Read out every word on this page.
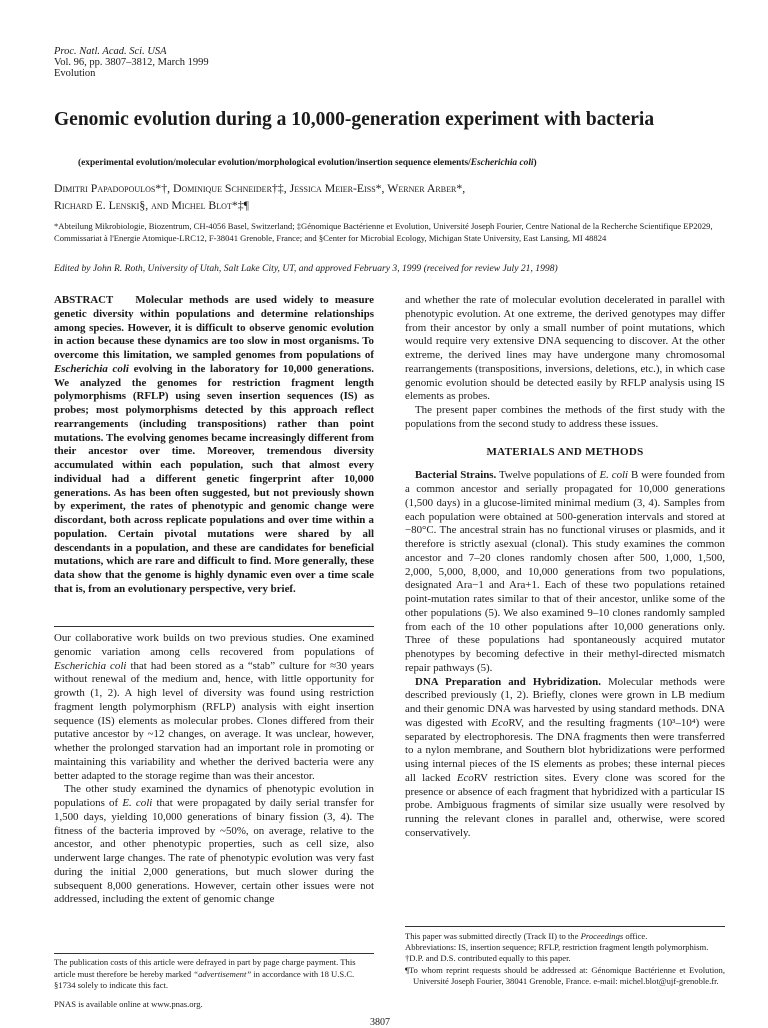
Proc. Natl. Acad. Sci. USA
Vol. 96, pp. 3807–3812, March 1999
Evolution
Genomic evolution during a 10,000-generation experiment with bacteria
(experimental evolution/molecular evolution/morphological evolution/insertion sequence elements/Escherichia coli)
Dimitri Papadopoulos*†, Dominique Schneider†‡, Jessica Meier-Eiss*, Werner Arber*,
Richard E. Lenski§, and Michel Blot*‡¶
*Abteilung Mikrobiologie, Biozentrum, CH-4056 Basel, Switzerland; ‡Génomique Bactérienne et Evolution, Université Joseph Fourier, Centre National de la Recherche Scientifique EP2029, Commissariat à l'Energie Atomique-LRC12, F-38041 Grenoble, France; and §Center for Microbial Ecology, Michigan State University, East Lansing, MI 48824
Edited by John R. Roth, University of Utah, Salt Lake City, UT, and approved February 3, 1999 (received for review July 21, 1998)

ABSTRACT Molecular methods are used widely to measure genetic diversity within populations and determine relationships among species. However, it is difficult to observe genomic evolution in action because these dynamics are too slow in most organisms. To overcome this limitation, we sampled genomes from populations of Escherichia coli evolving in the laboratory for 10,000 generations. We analyzed the genomes for restriction fragment length polymorphisms (RFLP) using seven insertion sequences (IS) as probes; most polymorphisms detected by this approach reflect rearrangements (including transpositions) rather than point mutations. The evolving genomes became increasingly different from their ancestor over time. Moreover, tremendous diversity accumulated within each population, such that almost every individual had a different genetic fingerprint after 10,000 generations. As has been often suggested, but not previously shown by experiment, the rates of phenotypic and genomic change were discordant, both across replicate populations and over time within a population. Certain pivotal mutations were shared by all descendants in a population, and these are candidates for beneficial mutations, which are rare and difficult to find. More generally, these data show that the genome is highly dynamic even over a time scale that is, from an evolutionary perspective, very brief.

Our collaborative work builds on two previous studies. One examined genomic variation among cells recovered from populations of Escherichia coli that had been stored as a “stab” culture for ≈30 years without renewal of the medium and, hence, with little opportunity for growth (1, 2). A high level of diversity was found using restriction fragment length polymorphism (RFLP) analysis with eight insertion sequence (IS) elements as molecular probes. Clones differed from their putative ancestor by ~12 changes, on average. It was unclear, however, whether the prolonged starvation had an important role in promoting or maintaining this variability and whether the derived bacteria were any better adapted to the storage regime than was their ancestor.

The other study examined the dynamics of phenotypic evolution in populations of E. coli that were propagated by daily serial transfer for 1,500 days, yielding 10,000 generations of binary fission (3, 4). The fitness of the bacteria improved by ~50%, on average, relative to the ancestor, and other phenotypic properties, such as cell size, also underwent large changes. The rate of phenotypic evolution was very fast during the initial 2,000 generations, but much slower during the subsequent 8,000 generations. However, certain other issues were not addressed, including the extent of genomic change

and whether the rate of molecular evolution decelerated in parallel with phenotypic evolution. At one extreme, the derived genotypes may differ from their ancestor by only a small number of point mutations, which would require very extensive DNA sequencing to discover. At the other extreme, the derived lines may have undergone many chromosomal rearrangements (transpositions, inversions, deletions, etc.), in which case genomic evolution should be detected easily by RFLP analysis using IS elements as probes.

The present paper combines the methods of the first study with the populations from the second study to address these issues.

MATERIALS AND METHODS

Bacterial Strains. Twelve populations of E. coli B were founded from a common ancestor and serially propagated for 10,000 generations (1,500 days) in a glucose-limited minimal medium (3, 4). Samples from each population were obtained at 500-generation intervals and stored at −80°C. The ancestral strain has no functional viruses or plasmids, and it therefore is strictly asexual (clonal). This study examines the common ancestor and 7–20 clones randomly chosen after 500, 1,000, 1,500, 2,000, 5,000, 8,000, and 10,000 generations from two populations, designated Ara−1 and Ara+1. Each of these two populations retained point-mutation rates similar to that of their ancestor, unlike some of the other populations (5). We also examined 9–10 clones randomly sampled from each of the 10 other populations after 10,000 generations only. Three of these populations had spontaneously acquired mutator phenotypes by becoming defective in their methyl-directed mismatch repair pathways (5).

DNA Preparation and Hybridization. Molecular methods were described previously (1, 2). Briefly, clones were grown in LB medium and their genomic DNA was harvested by using standard methods. DNA was digested with EcoRV, and the resulting fragments (10³–10⁴) were separated by electrophoresis. The DNA fragments then were transferred to a nylon membrane, and Southern blot hybridizations were performed using internal pieces of the IS elements as probes; these internal pieces all lacked EcoRV restriction sites. Every clone was scored for the presence or absence of each fragment that hybridized with a particular IS probe. Ambiguous fragments of similar size usually were resolved by running the relevant clones in parallel and, otherwise, were scored conservatively.

The publication costs of this article were defrayed in part by page charge payment. This article must therefore be hereby marked “advertisement” in accordance with 18 U.S.C. §1734 solely to indicate this fact.

PNAS is available online at www.pnas.org.

This paper was submitted directly (Track II) to the Proceedings office.

Abbreviations: IS, insertion sequence; RFLP, restriction fragment length polymorphism.

†D.P. and D.S. contributed equally to this paper.

¶To whom reprint requests should be addressed at: Génomique Bactérienne et Evolution, Université Joseph Fourier, 38041 Grenoble, France. e-mail: michel.blot@ujf-grenoble.fr.

3807
